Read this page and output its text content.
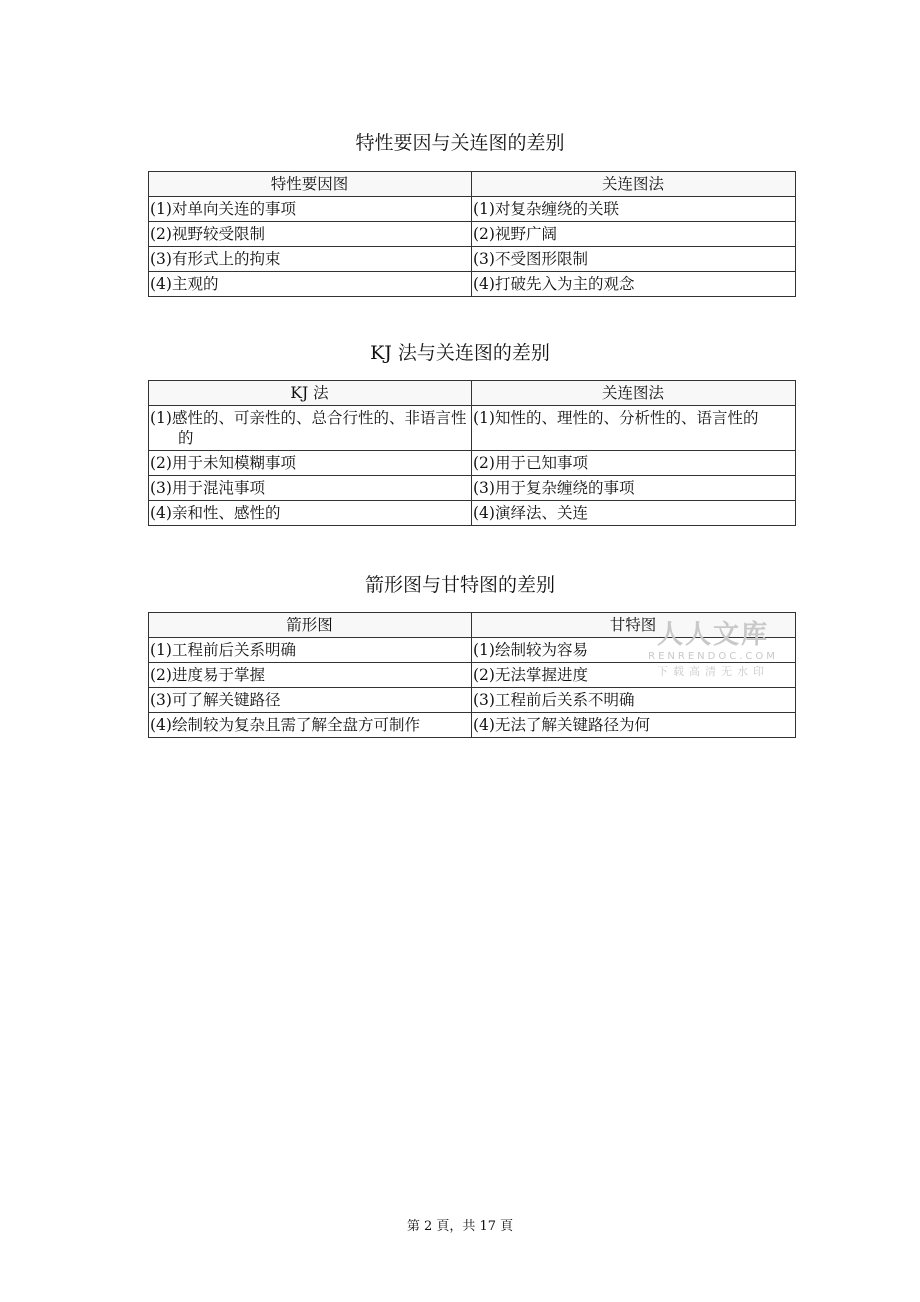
特性要因与关连图的差别
特性要因图	关连图法

(1)对单向关连的事项	(1)对复杂缠绕的关联

(2)视野较受限制	(2)视野广阔

(3)有形式上的拘束	(3)不受图形限制

(4)主观的	(4)打破先入为主的观念
KJ 法与关连图的差别
KJ 法	关连图法

(1)感性的、可亲性的、总合行性的、非语言性的	(1)知性的、理性的、分析性的、语言性的

(2)用于未知模糊事项	(2)用于已知事项

(3)用于混沌事项	(3)用于复杂缠绕的事项

(4)亲和性、感性的	(4)演绎法、关连
箭形图与甘特图的差别
箭形图	甘特图

(1)工程前后关系明确	(1)绘制较为容易

(2)进度易于掌握	(2)无法掌握进度

(3)可了解关键路径	(3)工程前后关系不明确

(4)绘制较为复杂且需了解全盘方可制作	(4)无法了解关键路径为何
人人文库
RENRENDOC.COM
下载高清无水印
第 2 頁，共 17 頁
